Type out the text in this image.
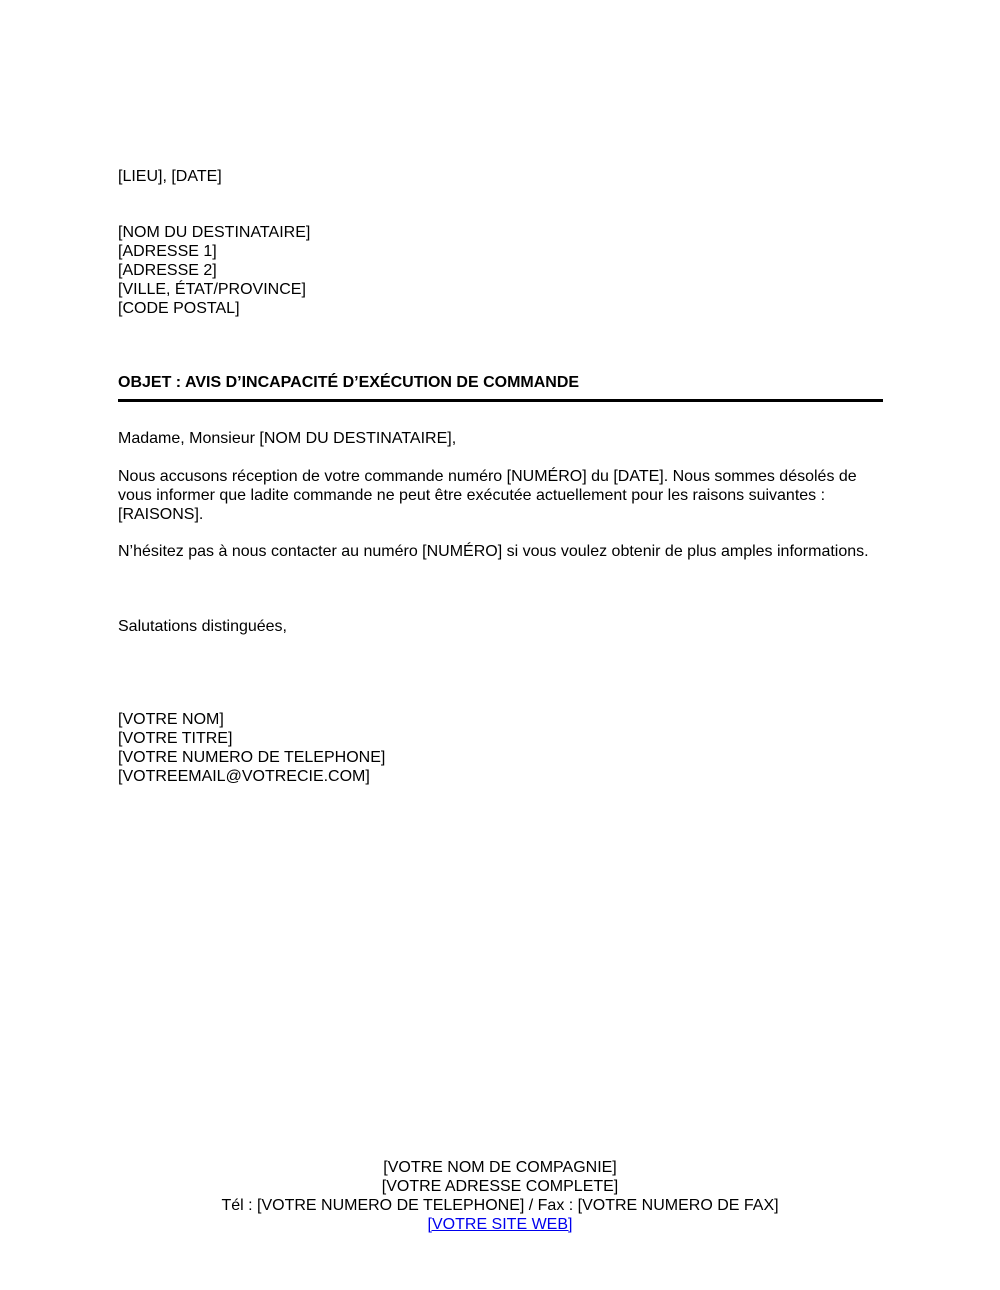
[LIEU], [DATE]
[NOM DU DESTINATAIRE]
[ADRESSE 1]
[ADRESSE 2]
[VILLE, ÉTAT/PROVINCE]
[CODE POSTAL]
OBJET : AVIS D’INCAPACITÉ D’EXÉCUTION DE COMMANDE
Madame, Monsieur [NOM DU DESTINATAIRE],
Nous accusons réception de votre commande numéro [NUMÉRO] du [DATE]. Nous sommes désolés de vous informer que ladite commande ne peut être exécutée actuellement pour les raisons suivantes : [RAISONS].
N’hésitez pas à nous contacter au numéro [NUMÉRO] si vous voulez obtenir de plus amples informations.
Salutations distinguées,
[VOTRE NOM]
[VOTRE TITRE]
[VOTRE NUMERO DE TELEPHONE]
[VOTREEMAIL@VOTRECIE.COM]
[VOTRE NOM DE COMPAGNIE]
[VOTRE ADRESSE COMPLETE]
Tél : [VOTRE NUMERO DE TELEPHONE] / Fax : [VOTRE NUMERO DE FAX]
[VOTRE SITE WEB]
